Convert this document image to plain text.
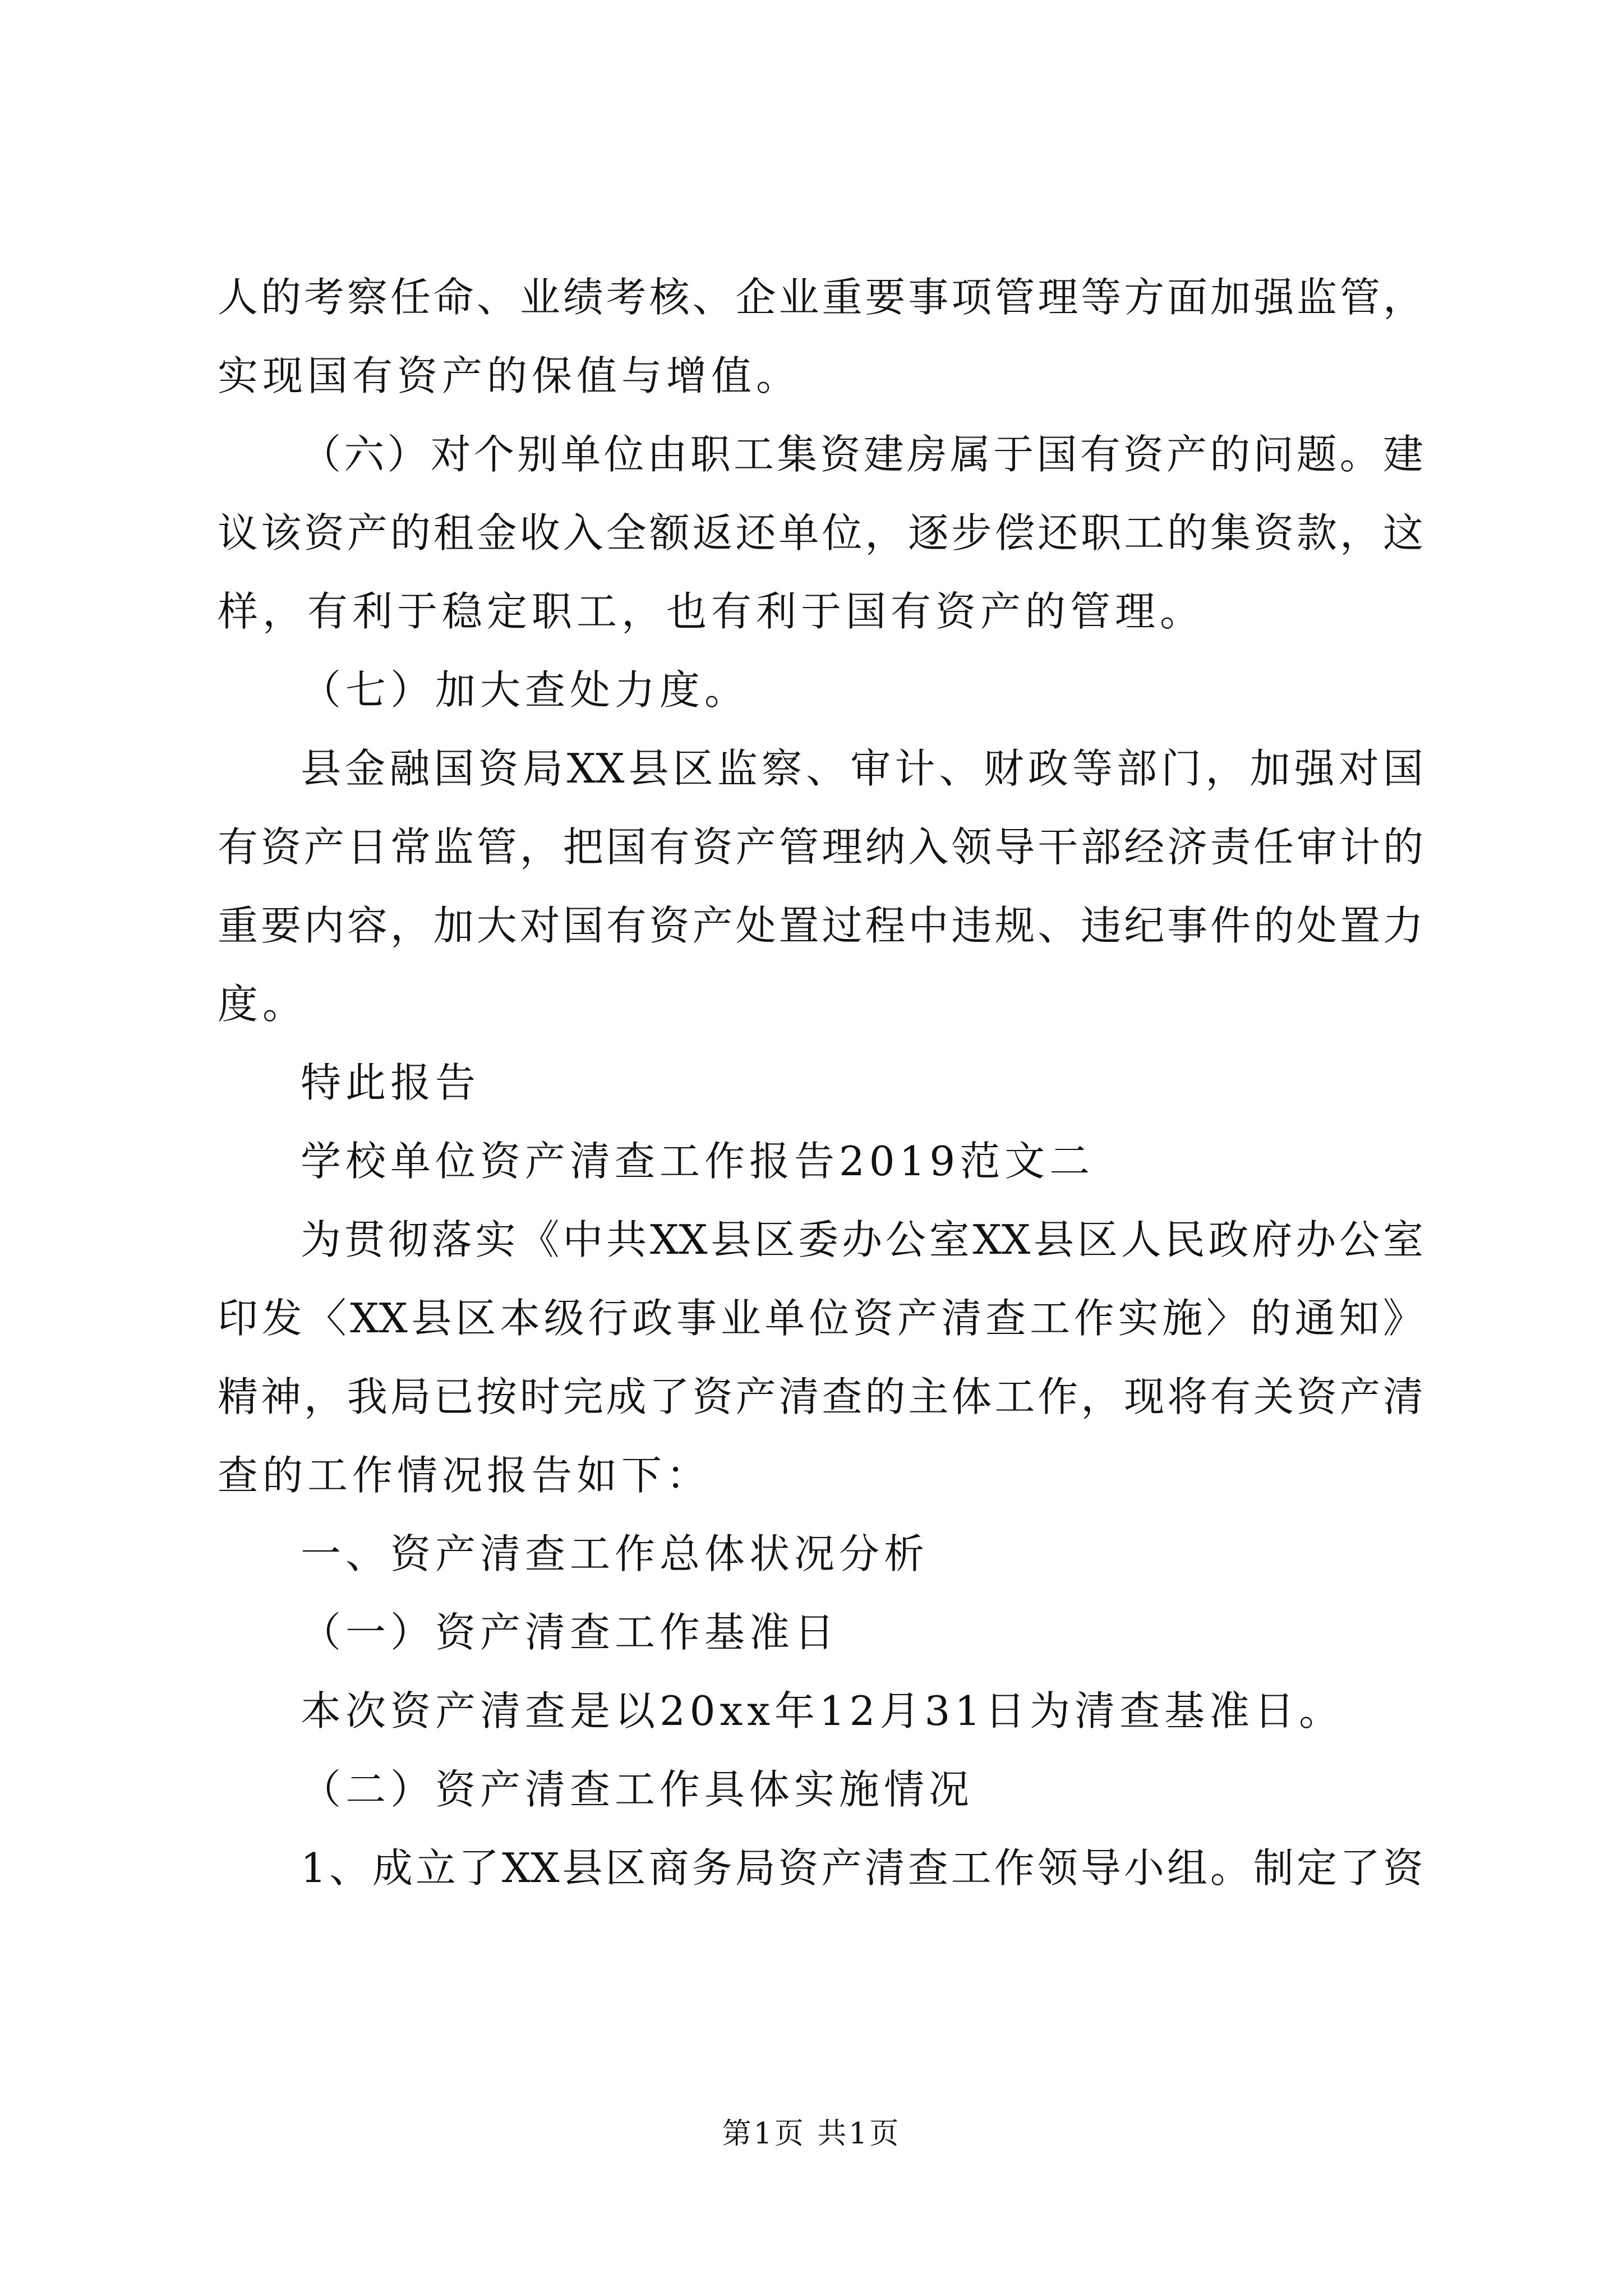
人的考察任命、业绩考核、企业重要事项管理等方面加强监管，
实现国有资产的保值与增值。
（六）对个别单位由职工集资建房属于国有资产的问题。建
议该资产的租金收入全额返还单位，逐步偿还职工的集资款，这
样，有利于稳定职工，也有利于国有资产的管理。
（七）加大查处力度。
县金融国资局XX县区监察、审计、财政等部门，加强对国
有资产日常监管，把国有资产管理纳入领导干部经济责任审计的
重要内容，加大对国有资产处置过程中违规、违纪事件的处置力
度。
特此报告
学校单位资产清查工作报告2019范文二
为贯彻落实《中共XX县区委办公室XX县区人民政府办公室
印发〈XX县区本级行政事业单位资产清查工作实施〉的通知》
精神，我局已按时完成了资产清查的主体工作，现将有关资产清
查的工作情况报告如下：
一、资产清查工作总体状况分析
（一）资产清查工作基准日
本次资产清查是以20xx年12月31日为清查基准日。
（二）资产清查工作具体实施情况
1、成立了XX县区商务局资产清查工作领导小组。制定了资
第1页 共1页
